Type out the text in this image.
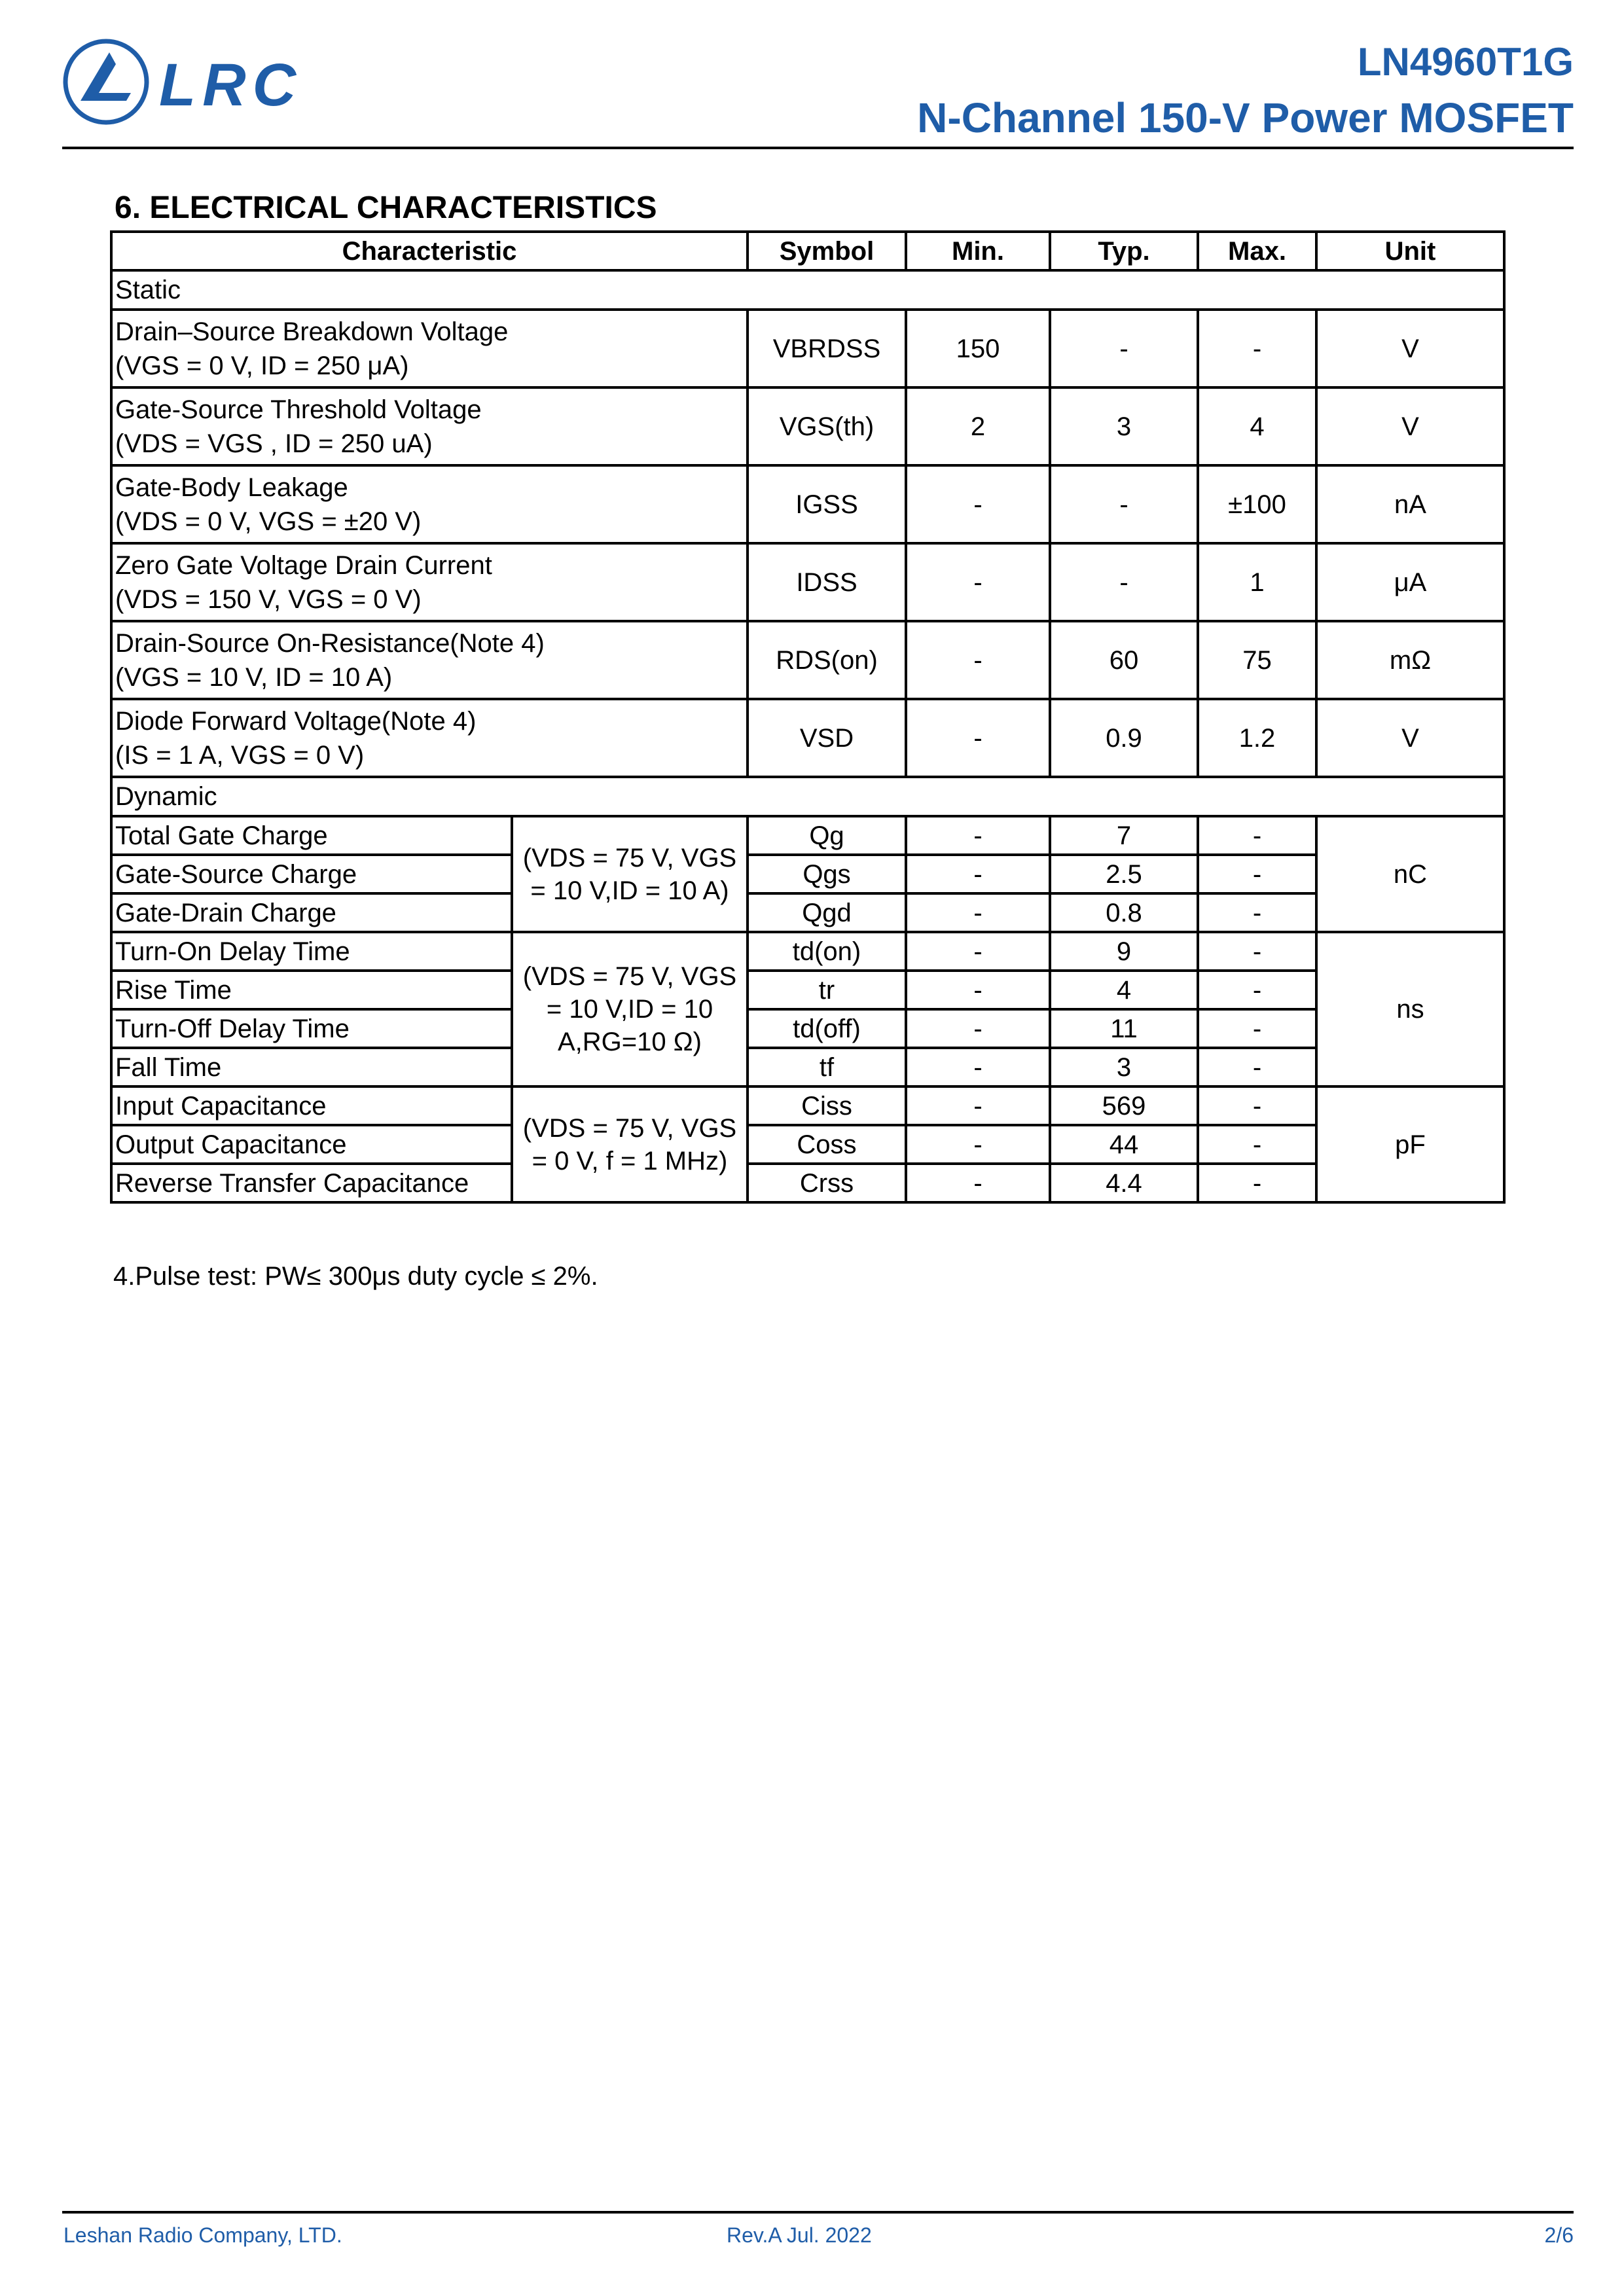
LRC	LN4960T1G
N-Channel 150-V Power MOSFET
6. ELECTRICAL CHARACTERISTICS
Characteristic		Symbol	Min.	Typ.	Max.	Unit
Static						

Drain–Source Breakdown Voltage
(VGS = 0 V, ID = 250 μA)		VBRDSS	150	-	-	V

Gate-Source Threshold Voltage
(VDS = VGS , ID = 250 uA)		VGS(th)	2	3	4	V

Gate-Body Leakage
(VDS = 0 V, VGS = ±20 V)		IGSS	-	-	±100	nA

Zero Gate Voltage Drain Current
(VDS = 150 V, VGS = 0 V)		IDSS	-	-	1	μA

Drain-Source On-Resistance(Note 4)
(VGS = 10 V, ID = 10 A)		RDS(on)	-	60	75	mΩ

Diode Forward Voltage(Note 4)
(IS = 1 A, VGS = 0 V)		VSD	-	0.9	1.2	V
Dynamic						
Total Gate Charge	(VDS = 75 V, VGS = 10 V,ID = 10 A)	Qg	-	7	-	nC
Gate-Source Charge		Qgs	-	2.5	-	
Gate-Drain Charge		Qgd	-	0.8	-	
Turn-On Delay Time	(VDS = 75 V, VGS = 10 V,ID = 10 A,RG=10 Ω)	td(on)	-	9	-	ns
Rise Time		tr	-	4	-	
Turn-Off Delay Time		td(off)	-	11	-	
Fall Time		tf	-	3	-	
Input Capacitance	(VDS = 75 V, VGS = 0 V, f = 1 MHz)	Ciss	-	569	-	pF
Output Capacitance		Coss	-	44	-	
Reverse Transfer Capacitance		Crss	-	4.4	-	
4.Pulse test: PW≤ 300μs duty cycle ≤ 2%.
Leshan Radio Company, LTD.	Rev.A Jul. 2022	2/6
